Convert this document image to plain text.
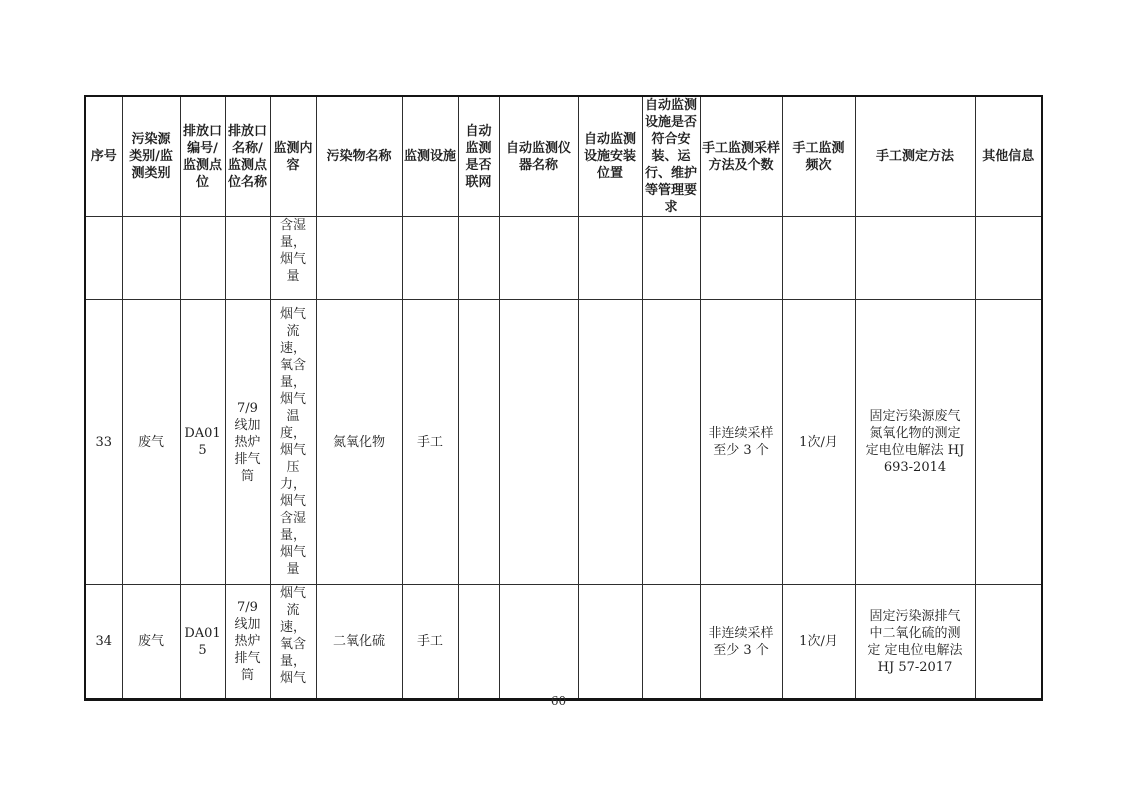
序号	污染源类别/监测类别	排放口编号/监测点位	排放口名称/监测点位名称	监测内容	污染物名称	监测设施	自动监测是否联网	自动监测仪器名称	自动监测设施安装位置	自动监测设施是否符合安装、运行、维护等管理要求	手工监测采样方法及个数	手工监测频次	手工测定方法	其他信息
				含湿量，烟气量										
33	废气	DA015	7/9线加热炉排气筒	烟气流速，氧含量，烟气温度，烟气压力，烟气含湿量，烟气量	氮氧化物	手工					非连续采样至少 3 个	1次/月	固定污染源废气 氮氧化物的测定 定电位电解法 HJ 693-2014	
34	废气	DA015	7/9线加热炉排气筒	烟气流速，氧含量，烟气	二氧化硫	手工					非连续采样至少 3 个	1次/月	固定污染源排气中二氧化硫的测定 定电位电解法 HJ 57-2017	
60
